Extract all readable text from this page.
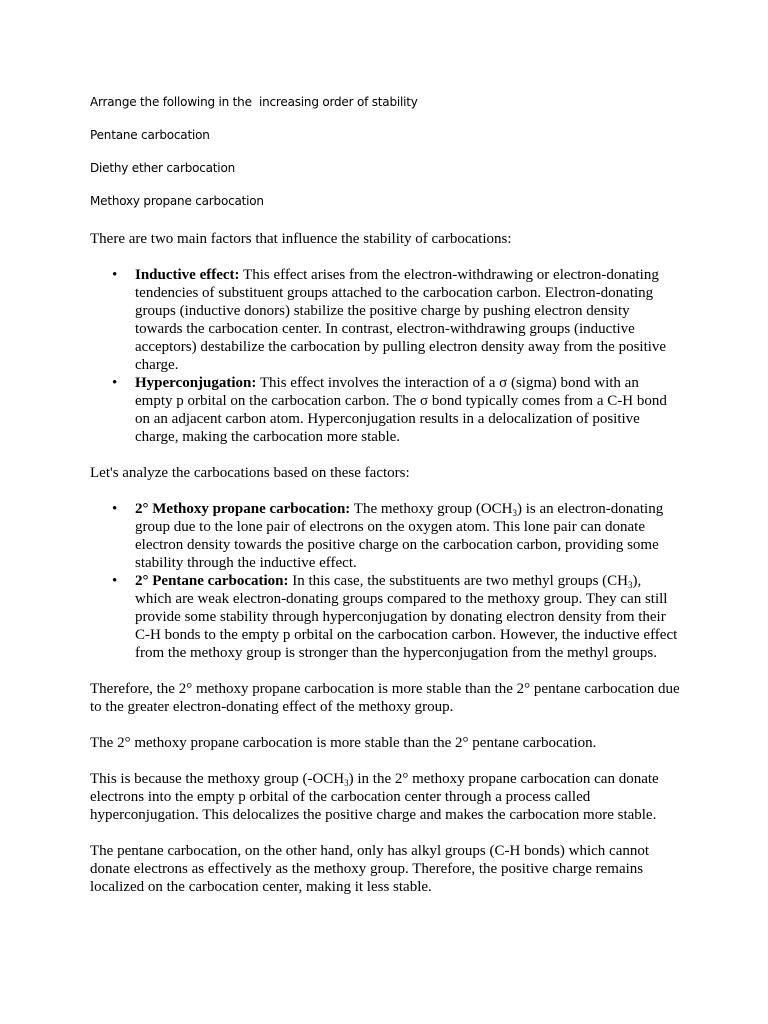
Arrange the following in the  increasing order of stability
Pentane carbocation
Diethy ether carbocation
Methoxy propane carbocation

There are two main factors that influence the stability of carbocations:

• Inductive effect: This effect arises from the electron-withdrawing or electron-donating tendencies of substituent groups attached to the carbocation carbon. Electron-donating groups (inductive donors) stabilize the positive charge by pushing electron density towards the carbocation center. In contrast, electron-withdrawing groups (inductive acceptors) destabilize the carbocation by pulling electron density away from the positive charge.
• Hyperconjugation: This effect involves the interaction of a σ (sigma) bond with an empty p orbital on the carbocation carbon. The σ bond typically comes from a C-H bond on an adjacent carbon atom. Hyperconjugation results in a delocalization of positive charge, making the carbocation more stable.

Let's analyze the carbocations based on these factors:

• 2° Methoxy propane carbocation: The methoxy group $(OCH_3)$ is an electron-donating group due to the lone pair of electrons on the oxygen atom. This lone pair can donate electron density towards the positive charge on the carbocation carbon, providing some stability through the inductive effect.
• 2° Pentane carbocation: In this case, the substituents are two methyl groups $(CH_3)$, which are weak electron-donating groups compared to the methoxy group. They can still provide some stability through hyperconjugation by donating electron density from their C-H bonds to the empty p orbital on the carbocation carbon. However, the inductive effect from the methoxy group is stronger than the hyperconjugation from the methyl groups.

Therefore, the 2° methoxy propane carbocation is more stable than the 2° pentane carbocation due to the greater electron-donating effect of the methoxy group.

The 2° methoxy propane carbocation is more stable than the 2° pentane carbocation.

This is because the methoxy group $(-OCH_3)$ in the 2° methoxy propane carbocation can donate electrons into the empty p orbital of the carbocation center through a process called hyperconjugation. This delocalizes the positive charge and makes the carbocation more stable.

The pentane carbocation, on the other hand, only has alkyl groups (C-H bonds) which cannot donate electrons as effectively as the methoxy group. Therefore, the positive charge remains localized on the carbocation center, making it less stable.
